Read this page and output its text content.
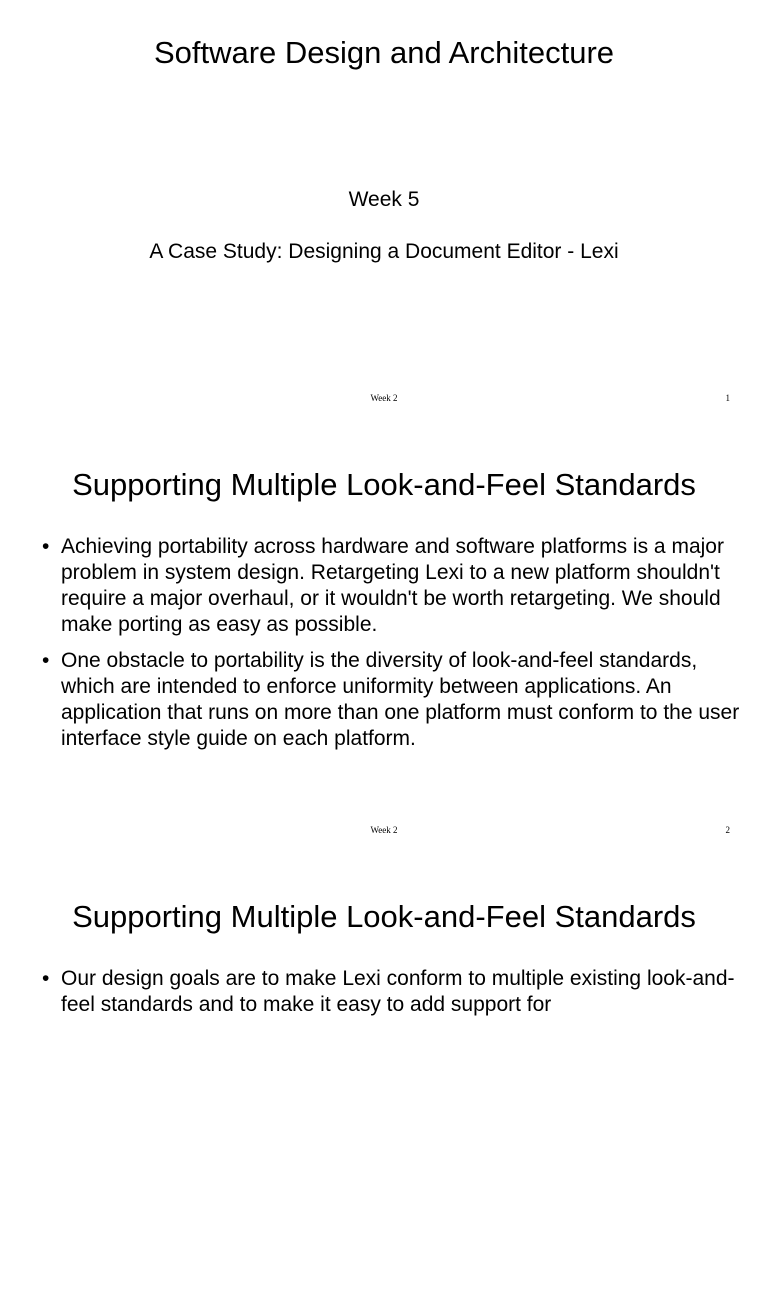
Software Design and Architecture
Week 5
A Case Study: Designing a Document Editor - Lexi
Week 2	1
Supporting Multiple Look-and-Feel Standards
• Achieving portability across hardware and software platforms is a major problem in system design. Retargeting Lexi to a new platform shouldn't require a major overhaul, or it wouldn't be worth retargeting. We should make porting as easy as possible.
• One obstacle to portability is the diversity of look-and-feel standards, which are intended to enforce uniformity between applications. An application that runs on more than one platform must conform to the user interface style guide on each platform.
Week 2	2
Supporting Multiple Look-and-Feel Standards
• Our design goals are to make Lexi conform to multiple existing look-and-feel standards and to make it easy to add support for
